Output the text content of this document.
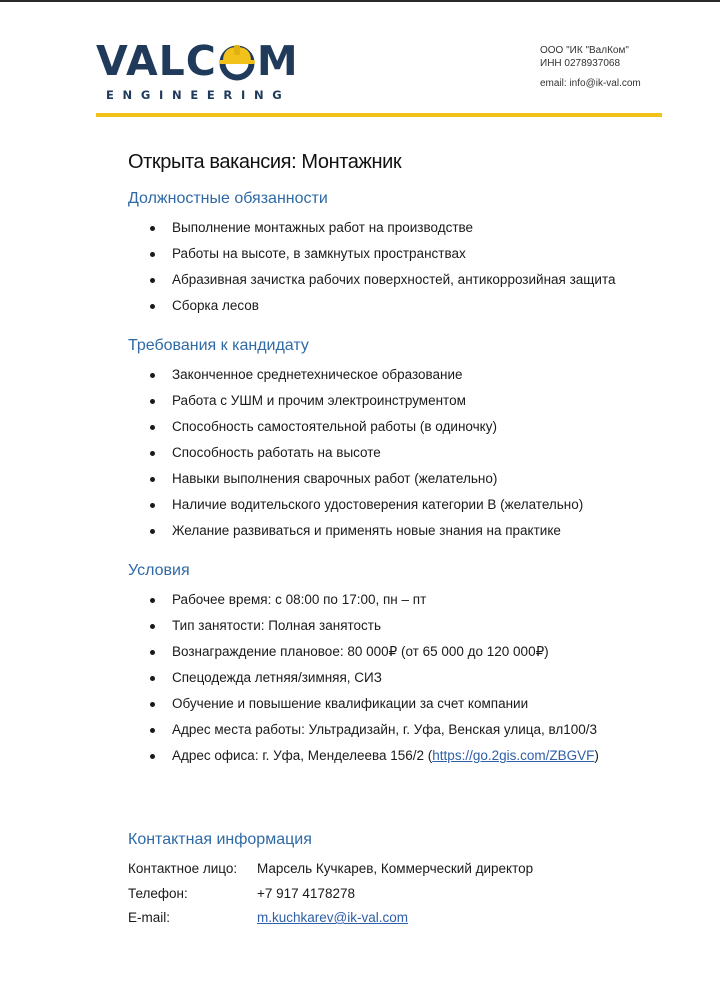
VALC M
ENGINEERING
ООО "ИК "ВалКом"
ИНН 0278937068
email: info@ik-val.com
Открыта вакансия: Монтажник
Должностные обязанности
Выполнение монтажных работ на производстве
Работы на высоте, в замкнутых пространствах
Абразивная зачистка рабочих поверхностей, антикоррозийная защита
Сборка лесов
Требования к кандидату
Законченное среднетехническое образование
Работа с УШМ и прочим электроинструментом
Способность самостоятельной работы (в одиночку)
Способность работать на высоте
Навыки выполнения сварочных работ (желательно)
Наличие водительского удостоверения категории B (желательно)
Желание развиваться и применять новые знания на практике
Условия
Рабочее время: с 08:00 по 17:00, пн – пт
Тип занятости: Полная занятость
Вознаграждение плановое: 80 000₽ (от 65 000 до 120 000₽)
Спецодежда летняя/зимняя, СИЗ
Обучение и повышение квалификации за счет компании
Адрес места работы: Ультрадизайн, г. Уфа, Венская улица, вл100/3
Адрес офиса: г. Уфа, Менделеева 156/2 (https://go.2gis.com/ZBGVF)
Контактная информация
Контактное лицо: Марсель Кучкарев, Коммерческий директор
Телефон:	+7 917 4178278
E-mail:	m.kuchkarev@ik-val.com
